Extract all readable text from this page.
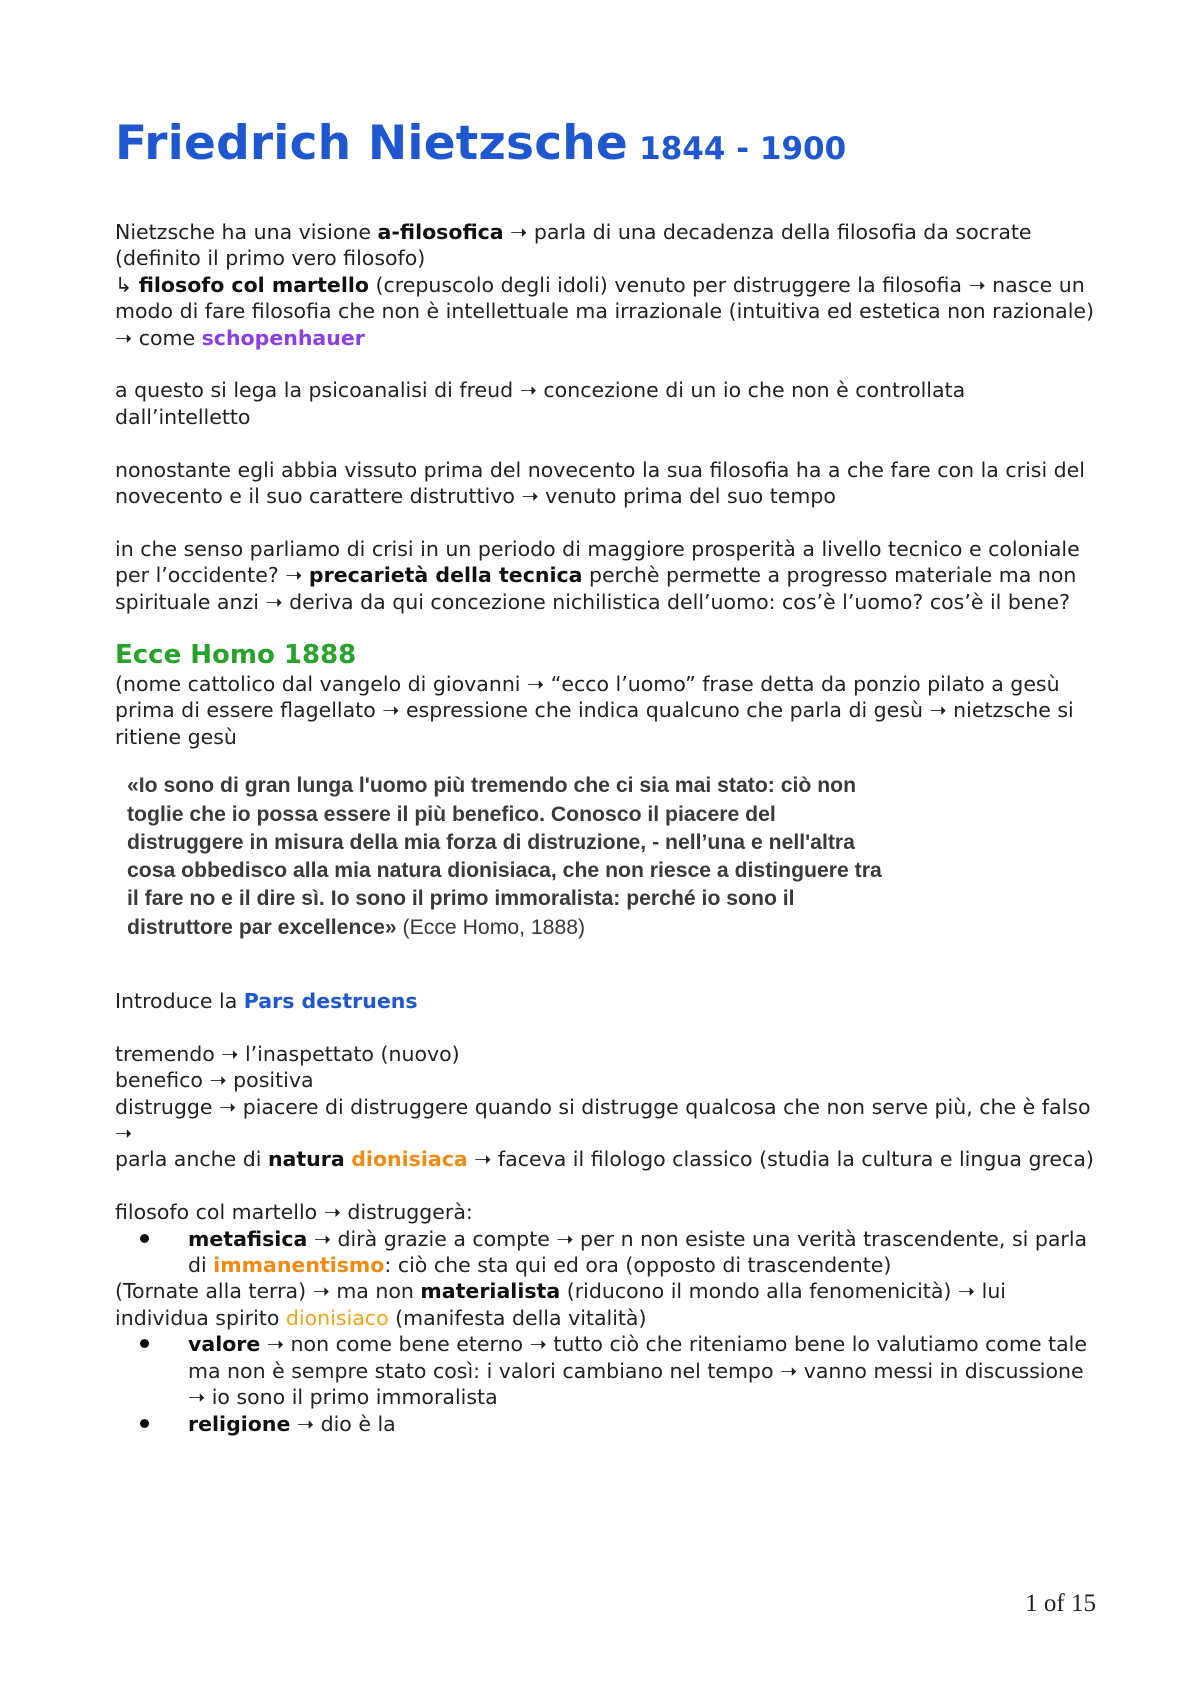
Friedrich Nietzsche 1844 - 1900

Nietzsche ha una visione a-filosofica ➝ parla di una decadenza della filosofia da socrate (definito il primo vero filosofo)

↳ filosofo col martello (crepuscolo degli idoli) venuto per distruggere la filosofia ➝ nasce un modo di fare filosofia che non è intellettuale ma irrazionale (intuitiva ed estetica non razionale) ➝ come schopenhauer

a questo si lega la psicoanalisi di freud ➝ concezione di un io che non è controllata dall’intelletto

nonostante egli abbia vissuto prima del novecento la sua filosofia ha a che fare con la crisi del novecento e il suo carattere distruttivo ➝ venuto prima del suo tempo

in che senso parliamo di crisi in un periodo di maggiore prosperità a livello tecnico e coloniale per l’occidente? ➝ precarietà della tecnica perchè permette a progresso materiale ma non spirituale anzi ➝ deriva da qui concezione nichilistica dell’uomo: cos’è l’uomo? cos’è il bene?

Ecce Homo 1888

(nome cattolico dal vangelo di giovanni ➝ “ecco l’uomo” frase detta da ponzio pilato a gesù prima di essere flagellato ➝ espressione che indica qualcuno che parla di gesù ➝ nietzsche si ritiene gesù

«Io sono di gran lunga l'uomo più tremendo che ci sia mai stato: ciò non toglie che io possa essere il più benefico. Conosco il piacere del distruggere in misura della mia forza di distruzione, - nell’una e nell'altra cosa obbedisco alla mia natura dionisiaca, che non riesce a distinguere tra il fare no e il dire sì. Io sono il primo immoralista: perché io sono il distruttore par excellence» (Ecce Homo, 1888)

Introduce la Pars destruens

tremendo ➝ l’inaspettato (nuovo)

benefico ➝ positiva

distrugge ➝ piacere di distruggere quando si distrugge qualcosa che non serve più, che è falso ➝

parla anche di natura dionisiaca ➝ faceva il filologo classico (studia la cultura e lingua greca)

filosofo col martello ➝ distruggerà:

metafisica ➝ dirà grazie a compte ➝ per n non esiste una verità trascendente, si parla di immanentismo: ciò che sta qui ed ora (opposto di trascendente)

(Tornate alla terra) ➝ ma non materialista (riducono il mondo alla fenomenicità) ➝ lui individua spirito dionisiaco (manifesta della vitalità)

valore ➝ non come bene eterno ➝ tutto ciò che riteniamo bene lo valutiamo come tale ma non è sempre stato così: i valori cambiano nel tempo ➝ vanno messi in discussione ➝ io sono il primo immoralista
religione ➝ dio è la
1 of 15
